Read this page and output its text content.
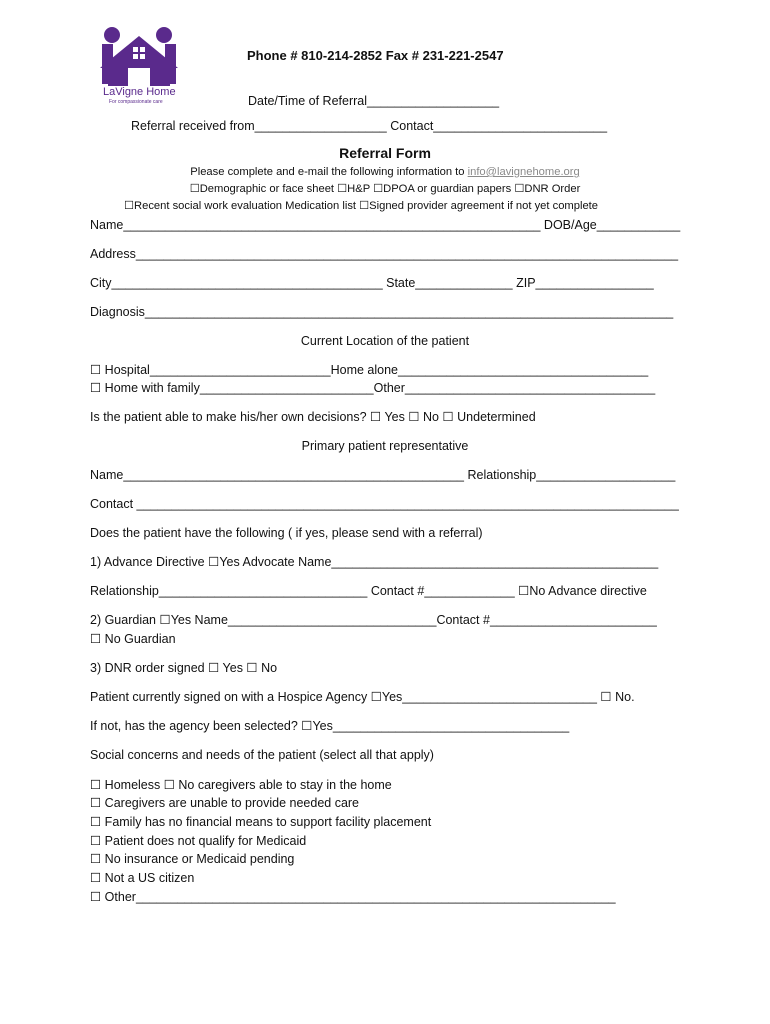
LaVigne Home
For compassionate care
Phone # 810-214-2852 Fax # 231-221-2547
Date/Time of Referral___________________
Referral received from___________________ Contact_________________________
Referral Form
Please complete and e-mail the following information to info@lavignehome.org
☐Demographic or face sheet ☐H&P ☐DPOA or guardian papers ☐DNR Order
☐Recent social work evaluation Medication list ☐Signed provider agreement if not yet complete
Name____________________________________________________________ DOB/Age____________
Address______________________________________________________________________________
City_______________________________________ State______________ ZIP_________________
Diagnosis____________________________________________________________________________
Current Location of the patient
☐ Hospital__________________________Home alone____________________________________
☐ Home with family_________________________Other____________________________________
Is the patient able to make his/her own decisions? ☐ Yes ☐ No ☐ Undetermined
Primary patient representative
Name_________________________________________________ Relationship____________________
Contact ______________________________________________________________________________
Does the patient have the following ( if yes, please send with a referral)
1) Advance Directive ☐Yes Advocate Name_______________________________________________
Relationship______________________________ Contact #_____________ ☐No Advance directive
2) Guardian ☐Yes Name______________________________Contact #________________________
☐ No Guardian
3) DNR order signed ☐ Yes ☐ No
Patient currently signed on with a Hospice Agency ☐Yes____________________________ ☐ No.
If not, has the agency been selected? ☐Yes__________________________________
Social concerns and needs of the patient (select all that apply)
☐ Homeless ☐ No caregivers able to stay in the home
☐ Caregivers are unable to provide needed care
☐ Family has no financial means to support facility placement
☐ Patient does not qualify for Medicaid
☐ No insurance or Medicaid pending
☐ Not a US citizen
☐ Other_____________________________________________________________________
